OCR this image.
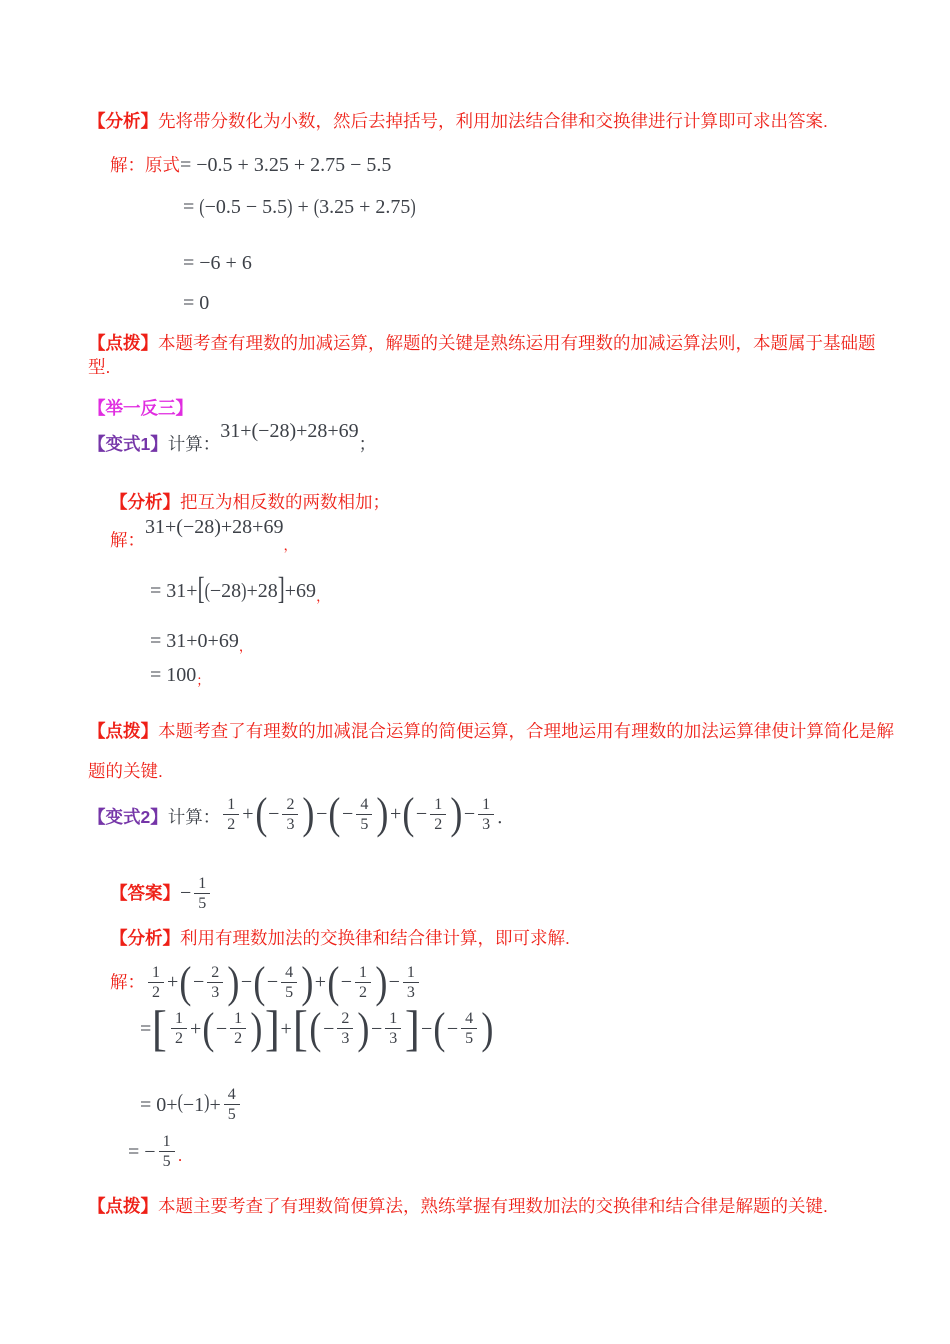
【分析】先将带分数化为小数，然后去掉括号，利用加法结合律和交换律进行计算即可求出答案.
解：原式= −0.5 + 3.25 + 2.75 − 5.5
= (−0.5 − 5.5) + (3.25 + 2.75)
= −6 + 6
= 0
【点拨】本题考查有理数的加减运算，解题的关键是熟练运用有理数的加减运算法则，本题属于基础题型.
【举一反三】
【变式1】计算：31+(−28)+28+69；
【分析】把互为相反数的两数相加；
解：$31+(-28)+28+69_,$
= $31+[(-28)+28]+69_,$
= $31+0+69_,$
= $100_;$
【点拨】本题考查了有理数的加减混合运算的简便运算，合理地运用有理数的加法运算律使计算简化是解题的关键.
【变式2】 计算： $\frac{1}{2}$ + ( − $\frac{2}{3}$ ) − ( − $\frac{4}{5}$ ) + ( − $\frac{1}{2}$ ) − $\frac{1}{3}$ ．
【答案】 − $\frac{1}{5}$
【分析】利用有理数加法的交换律和结合律计算，即可求解.
解： $\frac{1}{2}$ + ( − $\frac{2}{3}$ ) − ( − $\frac{4}{5}$ ) + ( − $\frac{1}{2}$ ) − $\frac{1}{3}$
= [ $\frac{1}{2}$ + ( − $\frac{1}{2}$ ) ] + [ ( − $\frac{2}{3}$ ) − $\frac{1}{3}$ ] − ( − $\frac{4}{5}$ )
= 0+ ( −1 ) + $\frac{4}{5}$
= − $\frac{1}{5}$ .
【点拨】本题主要考查了有理数简便算法，熟练掌握有理数加法的交换律和结合律是解题的关键.
